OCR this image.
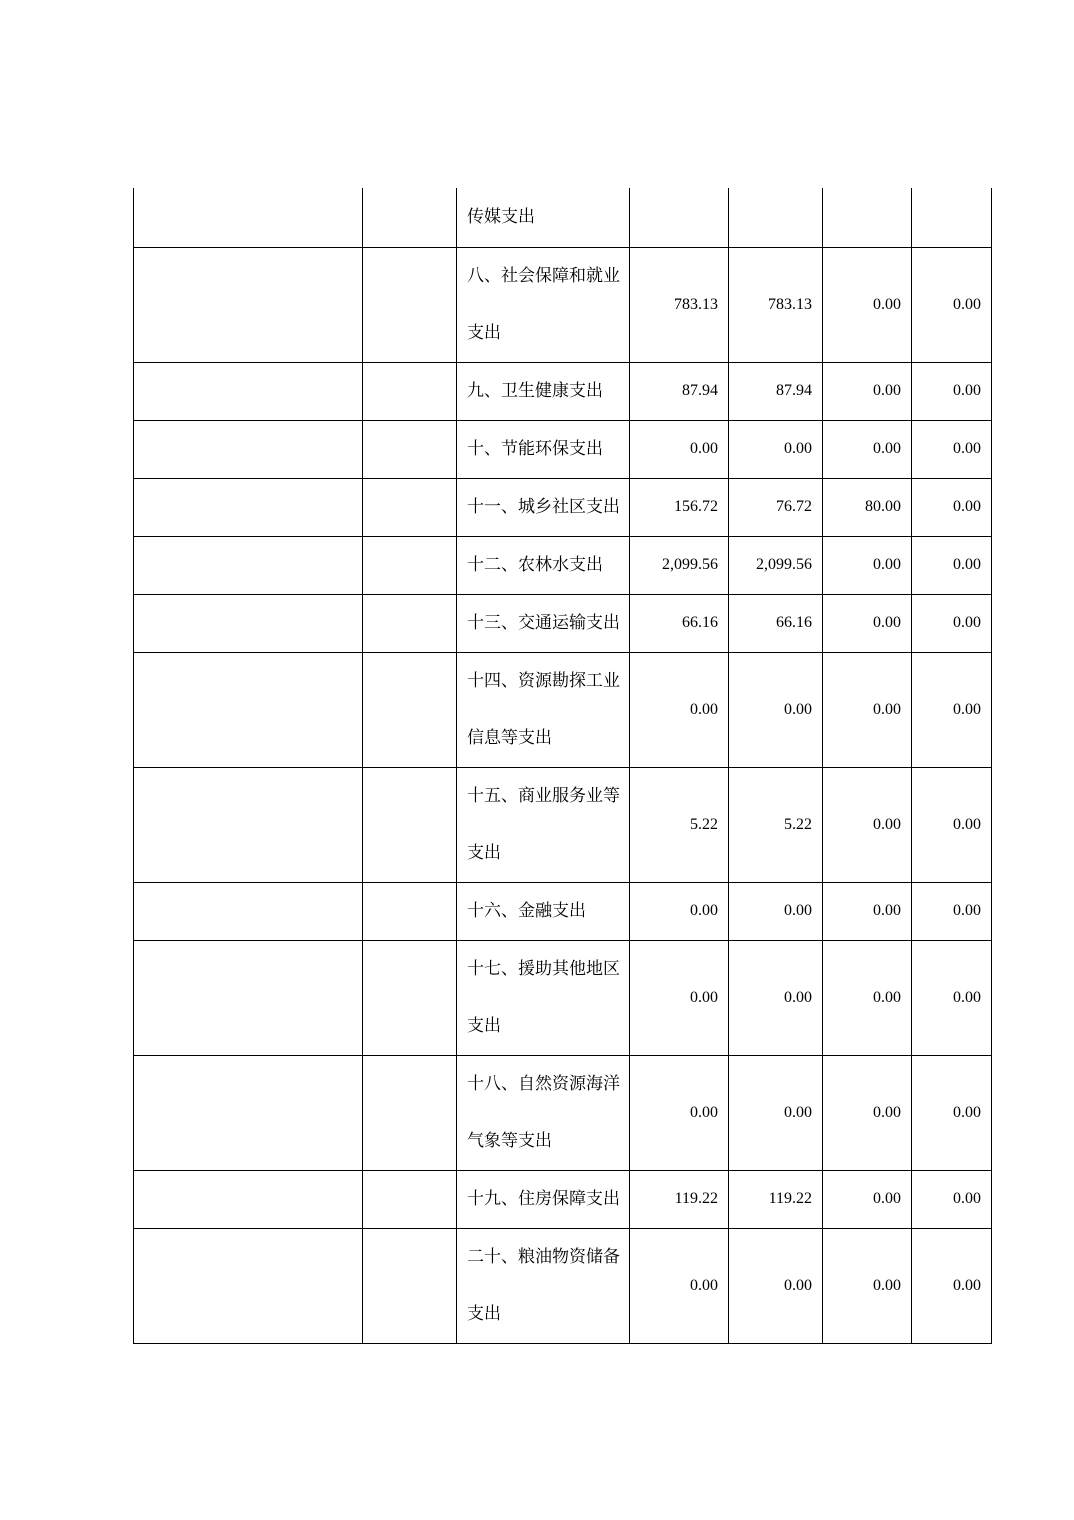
		传媒支出				
		八、社会保障和就业支出	783.13	783.13	0.00	0.00
		九、卫生健康支出	87.94	87.94	0.00	0.00
		十、节能环保支出	0.00	0.00	0.00	0.00
		十一、城乡社区支出	156.72	76.72	80.00	0.00
		十二、农林水支出	2,099.56	2,099.56	0.00	0.00
		十三、交通运输支出	66.16	66.16	0.00	0.00
		十四、资源勘探工业信息等支出	0.00	0.00	0.00	0.00
		十五、商业服务业等支出	5.22	5.22	0.00	0.00
		十六、金融支出	0.00	0.00	0.00	0.00
		十七、援助其他地区支出	0.00	0.00	0.00	0.00
		十八、自然资源海洋气象等支出	0.00	0.00	0.00	0.00
		十九、住房保障支出	119.22	119.22	0.00	0.00
		二十、粮油物资储备支出	0.00	0.00	0.00	0.00
